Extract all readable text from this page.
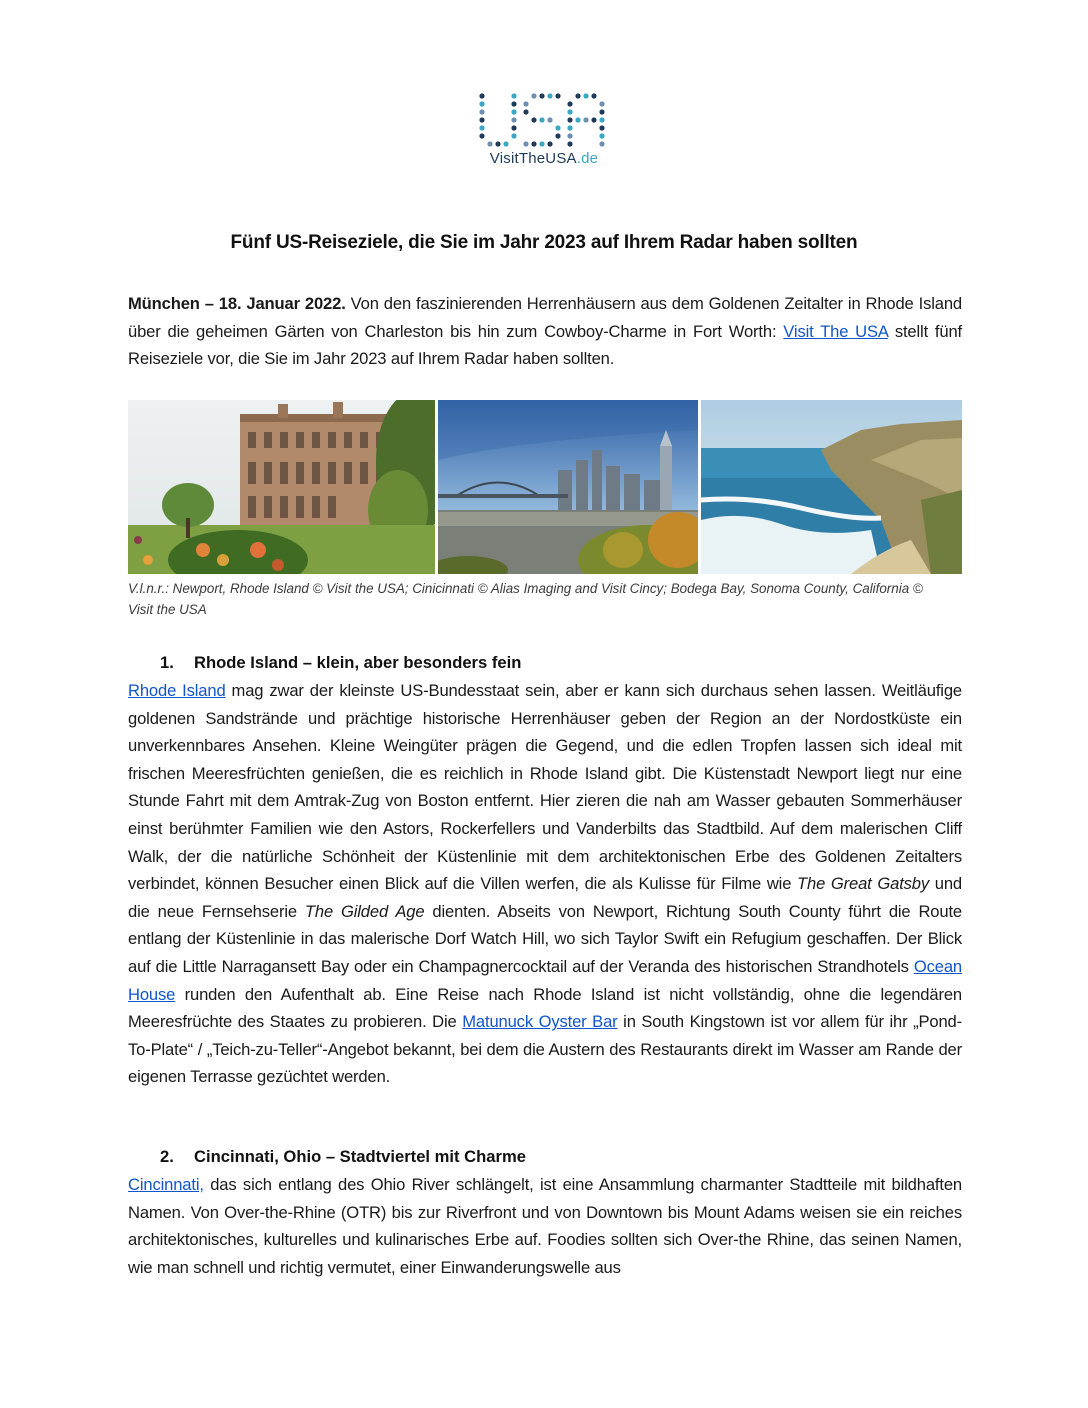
VisitTheUSA.de
Fünf US-Reiseziele, die Sie im Jahr 2023 auf Ihrem Radar haben sollten
München – 18. Januar 2022. Von den faszinierenden Herrenhäusern aus dem Goldenen Zeitalter in Rhode Island über die geheimen Gärten von Charleston bis hin zum Cowboy-Charme in Fort Worth: Visit The USA stellt fünf Reiseziele vor, die Sie im Jahr 2023 auf Ihrem Radar haben sollten.
V.l.n.r.: Newport, Rhode Island © Visit the USA; Cinicinnati © Alias Imaging and Visit Cincy; Bodega Bay, Sonoma County, California © Visit the USA
1. Rhode Island – klein, aber besonders fein
Rhode Island mag zwar der kleinste US-Bundesstaat sein, aber er kann sich durchaus sehen lassen. Weitläufige goldenen Sandstrände und prächtige historische Herrenhäuser geben der Region an der Nordostküste ein unverkennbares Ansehen. Kleine Weingüter prägen die Gegend, und die edlen Tropfen lassen sich ideal mit frischen Meeresfrüchten genießen, die es reichlich in Rhode Island gibt. Die Küstenstadt Newport liegt nur eine Stunde Fahrt mit dem Amtrak-Zug von Boston entfernt. Hier zieren die nah am Wasser gebauten Sommerhäuser einst berühmter Familien wie den Astors, Rockerfellers und Vanderbilts das Stadtbild. Auf dem malerischen Cliff Walk, der die natürliche Schönheit der Küstenlinie mit dem architektonischen Erbe des Goldenen Zeitalters verbindet, können Besucher einen Blick auf die Villen werfen, die als Kulisse für Filme wie The Great Gatsby und die neue Fernsehserie The Gilded Age dienten. Abseits von Newport, Richtung South County führt die Route entlang der Küstenlinie in das malerische Dorf Watch Hill, wo sich Taylor Swift ein Refugium geschaffen. Der Blick auf die Little Narragansett Bay oder ein Champagnercocktail auf der Veranda des historischen Strandhotels Ocean House runden den Aufenthalt ab. Eine Reise nach Rhode Island ist nicht vollständig, ohne die legendären Meeresfrüchte des Staates zu probieren. Die Matunuck Oyster Bar in South Kingstown ist vor allem für ihr „Pond-To-Plate“ / „Teich-zu-Teller“-Angebot bekannt, bei dem die Austern des Restaurants direkt im Wasser am Rande der eigenen Terrasse gezüchtet werden.
2. Cincinnati, Ohio – Stadtviertel mit Charme
Cincinnati, das sich entlang des Ohio River schlängelt, ist eine Ansammlung charmanter Stadtteile mit bildhaften Namen. Von Over-the-Rhine (OTR) bis zur Riverfront und von Downtown bis Mount Adams weisen sie ein reiches architektonisches, kulturelles und kulinarisches Erbe auf. Foodies sollten sich Over-the Rhine, das seinen Namen, wie man schnell und richtig vermutet, einer Einwanderungswelle aus
